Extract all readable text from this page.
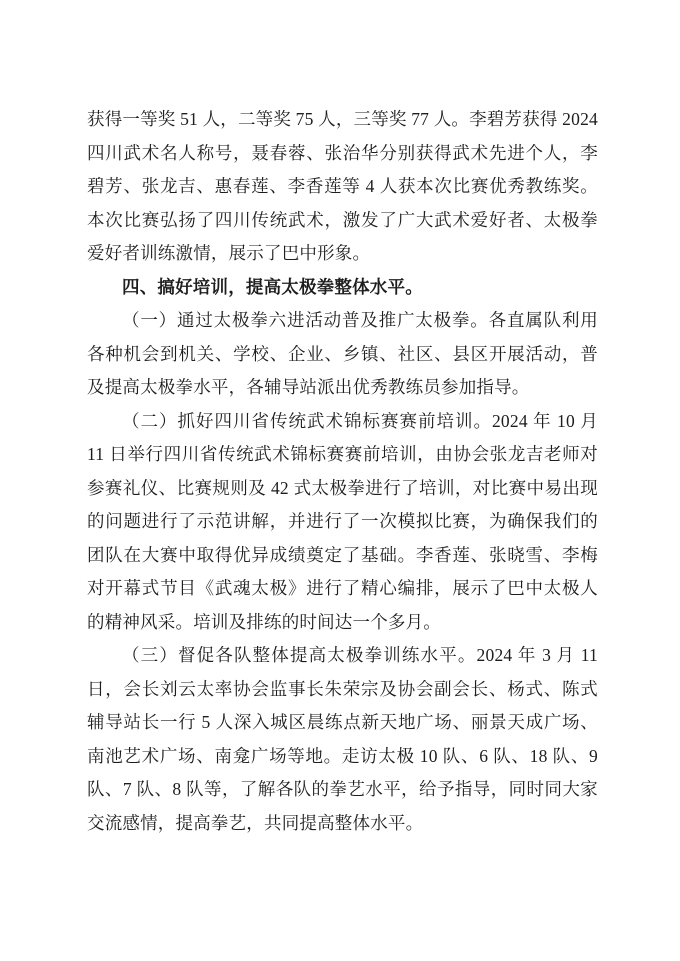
获得一等奖 51 人，二等奖 75 人，三等奖 77 人。李碧芳获得 2024 四川武术名人称号，聂春蓉、张治华分别获得武术先进个人，李碧芳、张龙吉、惠春莲、李香莲等 4 人获本次比赛优秀教练奖。本次比赛弘扬了四川传统武术，激发了广大武术爱好者、太极拳爱好者训练激情，展示了巴中形象。

四、搞好培训，提高太极拳整体水平。

（一）通过太极拳六进活动普及推广太极拳。各直属队利用各种机会到机关、学校、企业、乡镇、社区、县区开展活动，普及提高太极拳水平，各辅导站派出优秀教练员参加指导。

（二）抓好四川省传统武术锦标赛赛前培训。2024 年 10 月 11 日举行四川省传统武术锦标赛赛前培训，由协会张龙吉老师对参赛礼仪、比赛规则及 42 式太极拳进行了培训，对比赛中易出现的问题进行了示范讲解，并进行了一次模拟比赛，为确保我们的团队在大赛中取得优异成绩奠定了基础。李香莲、张晓雪、李梅对开幕式节目《武魂太极》进行了精心编排，展示了巴中太极人的精神风采。培训及排练的时间达一个多月。

（三）督促各队整体提高太极拳训练水平。2024 年 3 月 11 日，会长刘云太率协会监事长朱荣宗及协会副会长、杨式、陈式辅导站长一行 5 人深入城区晨练点新天地广场、丽景天成广场、南池艺术广场、南龛广场等地。走访太极 10 队、6 队、18 队、9 队、7 队、8 队等，了解各队的拳艺水平，给予指导，同时同大家交流感情，提高拳艺，共同提高整体水平。
